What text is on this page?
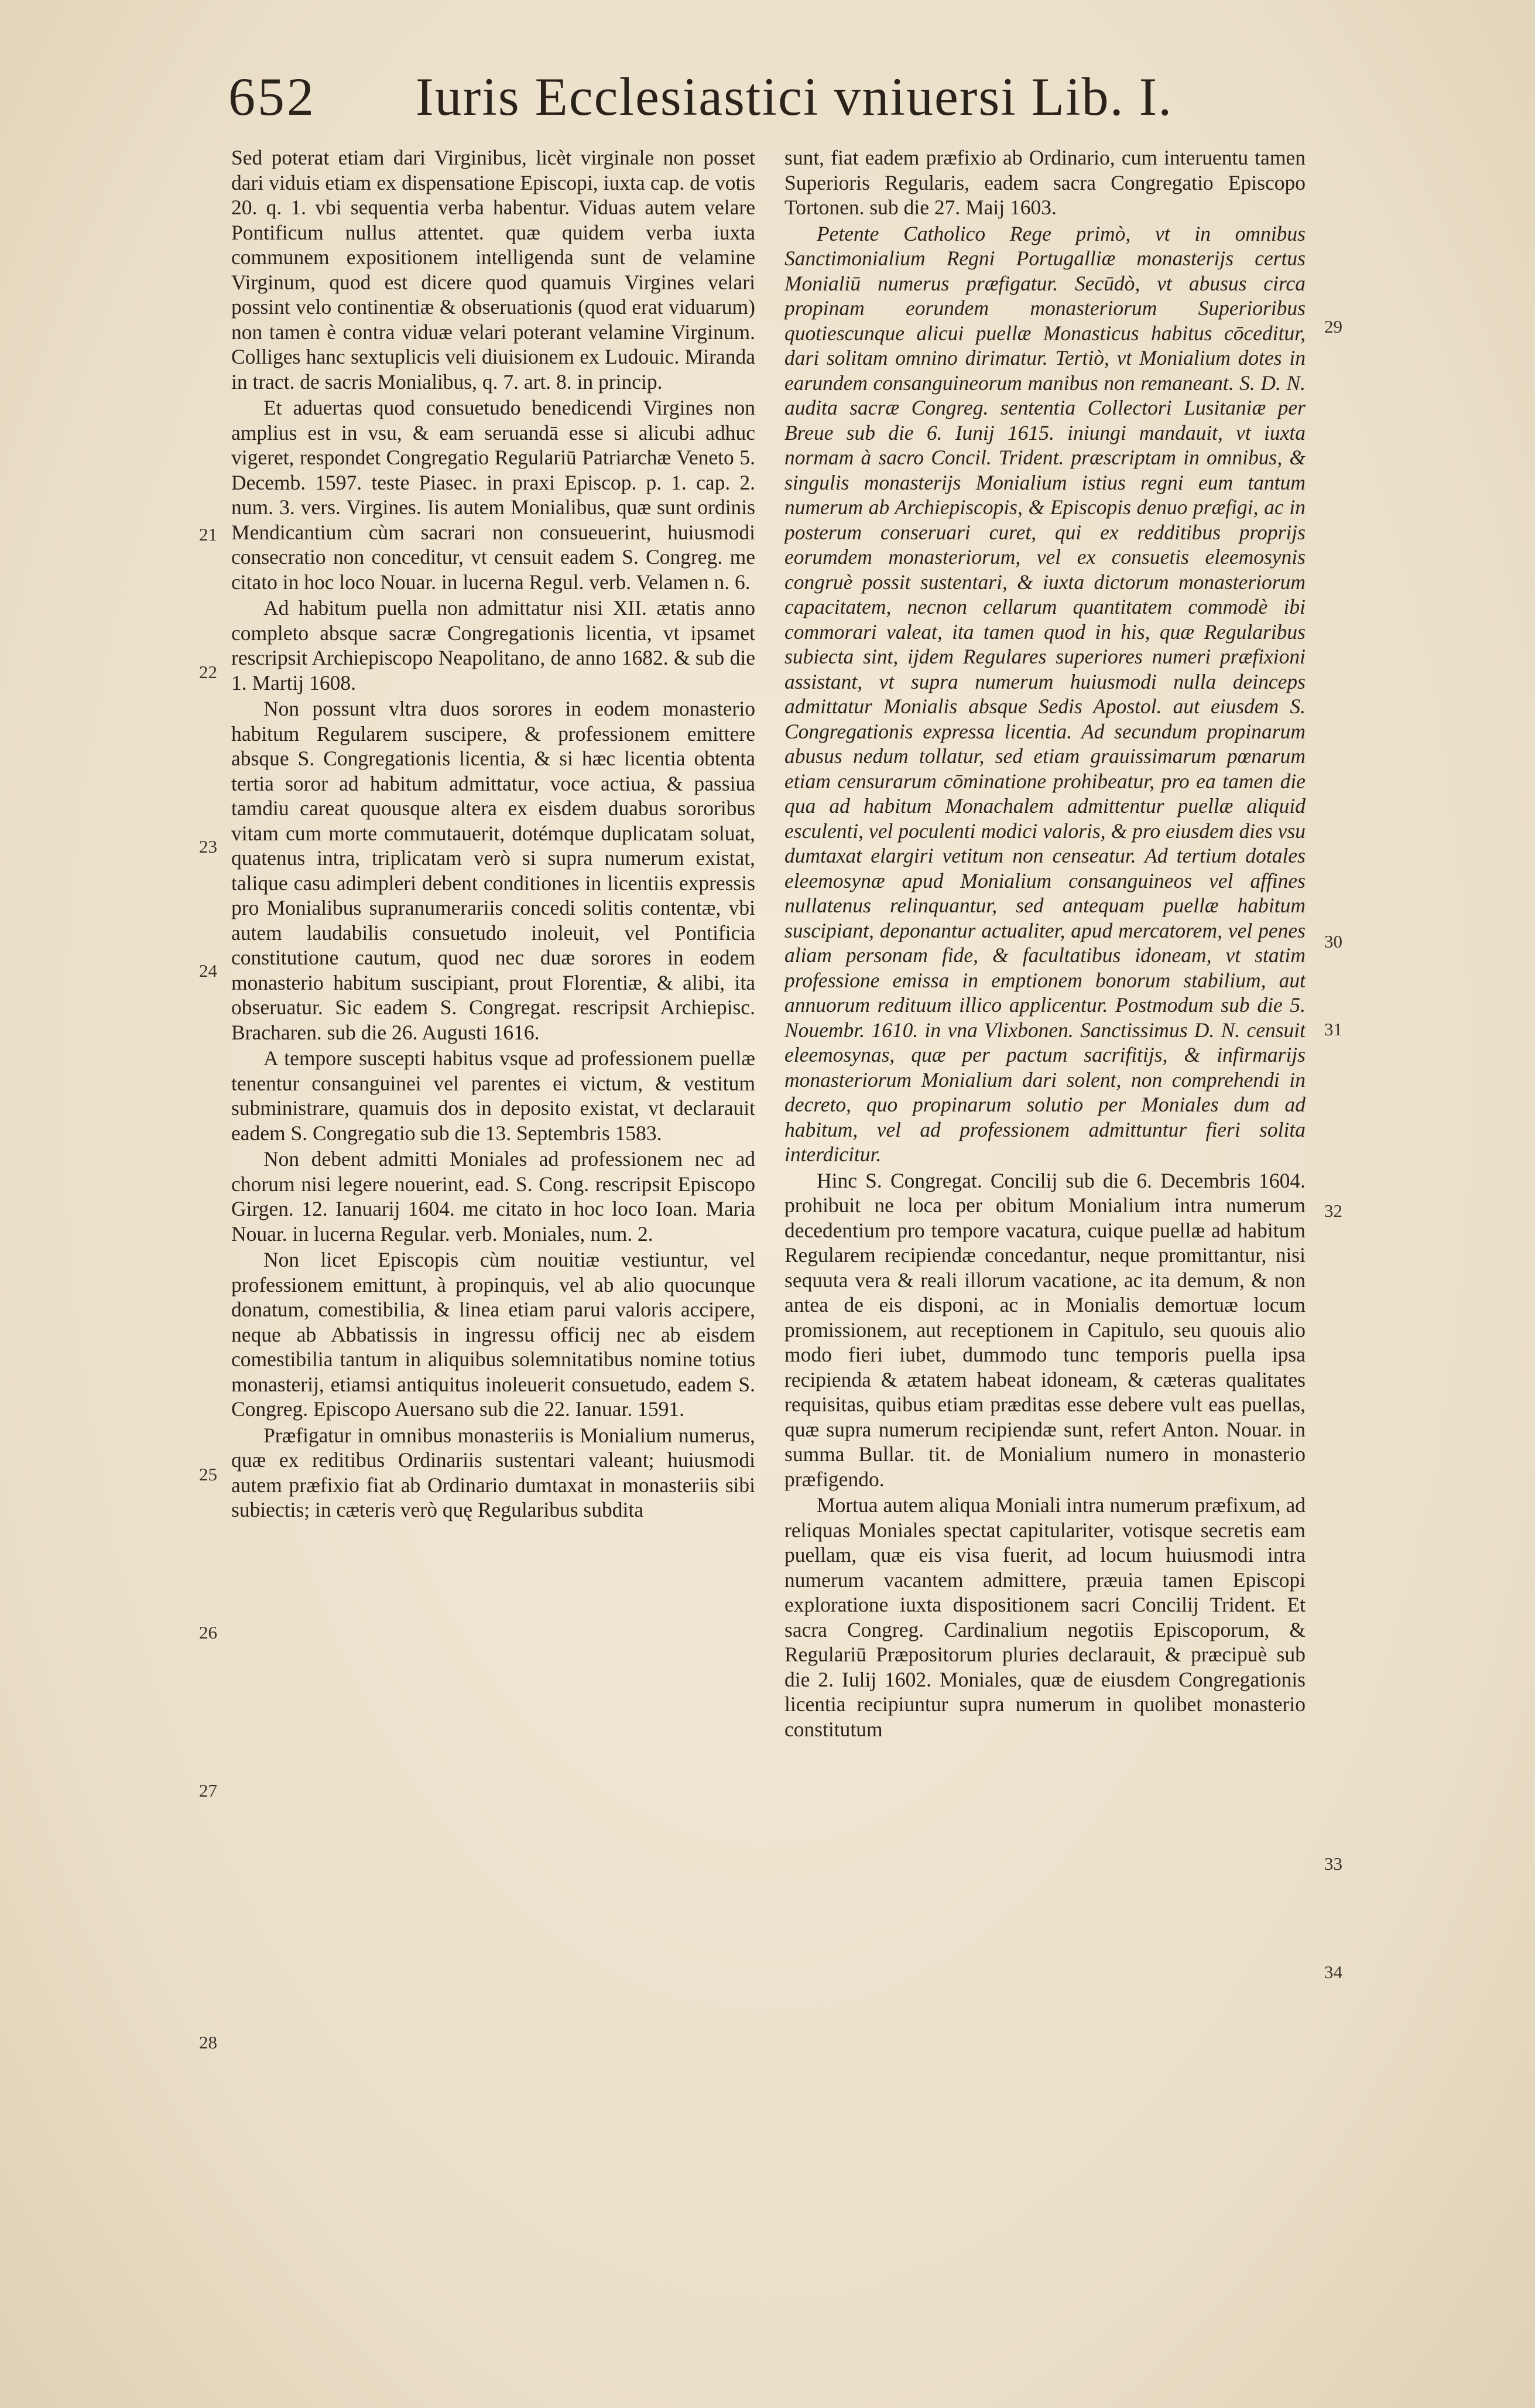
652 Iuris Ecclesiastici vniuersi Lib. I.

Sed poterat etiam dari Virginibus, licèt virginale non posset dari viduis etiam ex dispensatione Episcopi, iuxta cap. de votis 20. q. 1. vbi sequentia verba habentur. Viduas autem velare Pontificum nullus attentet. quæ quidem verba iuxta communem expositionem intelligenda sunt de velamine Virginum, quod est dicere quod quamuis Virgines velari possint velo continentiæ & obseruationis (quod erat viduarum) non tamen è contra viduæ velari poterant velamine Virginum. Colliges hanc sextuplicis veli diuisionem ex Ludouic. Miranda in tract. de sacris Monialibus, q. 7. art. 8. in princip.

Et aduertas quod consuetudo benedicendi Virgines non amplius est in vsu, & eam seruandā esse si alicubi adhuc vigeret, respondet Congregatio Regulariū Patriarchæ Veneto 5. Decemb. 1597. teste Piasec. in praxi Episcop. p. 1. cap. 2. num. 3. vers. Virgines. Iis autem Monialibus, quæ sunt ordinis Mendicantium cùm sacrari non consueuerint, huiusmodi consecratio non conceditur, vt censuit eadem S. Congreg. me citato in hoc loco Nouar. in lucerna Regul. verb. Velamen n. 6.

Ad habitum puella non admittatur nisi XII. ætatis anno completo absque sacræ Congregationis licentia, vt ipsamet rescripsit Archiepiscopo Neapolitano, de anno 1682. & sub die 1. Martij 1608.

Non possunt vltra duos sorores in eodem monasterio habitum Regularem suscipere, & professionem emittere absque S. Congregationis licentia, & si hæc licentia obtenta tertia soror ad habitum admittatur, voce actiua, & passiua tamdiu careat quousque altera ex eisdem duabus sororibus vitam cum morte commutauerit, dotémque duplicatam soluat, quatenus intra, triplicatam verò si supra numerum existat, talique casu adimpleri debent conditiones in licentiis expressis pro Monialibus supranumerariis concedi solitis contentæ, vbi autem laudabilis consuetudo inoleuit, vel Pontificia constitutione cautum, quod nec duæ sorores in eodem monasterio habitum suscipiant, prout Florentiæ, & alibi, ita obseruatur. Sic eadem S. Congregat. rescripsit Archiepisc. Bracharen. sub die 26. Augusti 1616.

A tempore suscepti habitus vsque ad professionem puellæ tenentur consanguinei vel parentes ei victum, & vestitum subministrare, quamuis dos in deposito existat, vt declarauit eadem S. Congregatio sub die 13. Septembris 1583.

Non debent admitti Moniales ad professionem nec ad chorum nisi legere nouerint, ead. S. Cong. rescripsit Episcopo Girgen. 12. Ianuarij 1604. me citato in hoc loco Ioan. Maria Nouar. in lucerna Regular. verb. Moniales, num. 2.

Non licet Episcopis cùm nouitiæ vestiuntur, vel professionem emittunt, à propinquis, vel ab alio quocunque donatum, comestibilia, & linea etiam parui valoris accipere, neque ab Abbatissis in ingressu officij nec ab eisdem comestibilia tantum in aliquibus solemnitatibus nomine totius monasterij, etiamsi antiquitus inoleuerit consuetudo, eadem S. Congreg. Episcopo Auersano sub die 22. Ianuar. 1591.

Præfigatur in omnibus monasteriis is Monialium numerus, quæ ex reditibus Ordinariis sustentari valeant; huiusmodi autem præfixio fiat ab Ordinario dumtaxat in monasteriis sibi subiectis; in cæteris verò quę Regularibus subdita

sunt, fiat eadem præfixio ab Ordinario, cum interuentu tamen Superioris Regularis, eadem sacra Congregatio Episcopo Tortonen. sub die 27. Maij 1603.

Petente Catholico Rege primò, vt in omnibus Sanctimonialium Regni Portugalliæ monasterijs certus Monialiū numerus præfigatur. Secūdò, vt abusus circa propinam eorundem monasteriorum Superioribus quotiescunque alicui puellæ Monasticus habitus cōceditur, dari solitam omnino dirimatur. Tertiò, vt Monialium dotes in earundem consanguineorum manibus non remaneant. S. D. N. audita sacræ Congreg. sententia Collectori Lusitaniæ per Breue sub die 6. Iunij 1615. iniungi mandauit, vt iuxta normam à sacro Concil. Trident. præscriptam in omnibus, & singulis monasterijs Monialium istius regni eum tantum numerum ab Archiepiscopis, & Episcopis denuo præfigi, ac in posterum conseruari curet, qui ex redditibus proprijs eorumdem monasteriorum, vel ex consuetis eleemosynis congruè possit sustentari, & iuxta dictorum monasteriorum capacitatem, necnon cellarum quantitatem commodè ibi commorari valeat, ita tamen quod in his, quæ Regularibus subiecta sint, ijdem Regulares superiores numeri præfixioni assistant, vt supra numerum huiusmodi nulla deinceps admittatur Monialis absque Sedis Apostol. aut eiusdem S. Congregationis expressa licentia. Ad secundum propinarum abusus nedum tollatur, sed etiam grauissimarum pœnarum etiam censurarum cōminatione prohibeatur, pro ea tamen die qua ad habitum Monachalem admittentur puellæ aliquid esculenti, vel poculenti modici valoris, & pro eiusdem dies vsu dumtaxat elargiri vetitum non censeatur. Ad tertium dotales eleemosynæ apud Monialium consanguineos vel affines nullatenus relinquantur, sed antequam puellæ habitum suscipiant, deponantur actualiter, apud mercatorem, vel penes aliam personam fide, & facultatibus idoneam, vt statim professione emissa in emptionem bonorum stabilium, aut annuorum redituum illico applicentur. Postmodum sub die 5. Nouembr. 1610. in vna Vlixbonen. Sanctissimus D. N. censuit eleemosynas, quæ per pactum sacrifitijs, & infirmarijs monasteriorum Monialium dari solent, non comprehendi in decreto, quo propinarum solutio per Moniales dum ad habitum, vel ad professionem admittuntur fieri solita interdicitur.

Hinc S. Congregat. Concilij sub die 6. Decembris 1604. prohibuit ne loca per obitum Monialium intra numerum decedentium pro tempore vacatura, cuique puellæ ad habitum Regularem recipiendæ concedantur, neque promittantur, nisi sequuta vera & reali illorum vacatione, ac ita demum, & non antea de eis disponi, ac in Monialis demortuæ locum promissionem, aut receptionem in Capitulo, seu quouis alio modo fieri iubet, dummodo tunc temporis puella ipsa recipienda & ætatem habeat idoneam, & cæteras qualitates requisitas, quibus etiam præditas esse debere vult eas puellas, quæ supra numerum recipiendæ sunt, refert Anton. Nouar. in summa Bullar. tit. de Monialium numero in monasterio præfigendo.

Mortua autem aliqua Moniali intra numerum præfixum, ad reliquas Moniales spectat capitulariter, votisque secretis eam puellam, quæ eis visa fuerit, ad locum huiusmodi intra numerum vacantem admittere, præuia tamen Episcopi exploratione iuxta dispositionem sacri Concilij Trident. Et sacra Congreg. Cardinalium negotiis Episcoporum, & Regulariū Præpositorum pluries declarauit, & præcipuè sub die 2. Iulij 1602. Moniales, quæ de eiusdem Congregationis licentia recipiuntur supra numerum in quolibet monasterio constitutum

21
22
23
24
25
26
27
28
29
30
31
32
33
34
